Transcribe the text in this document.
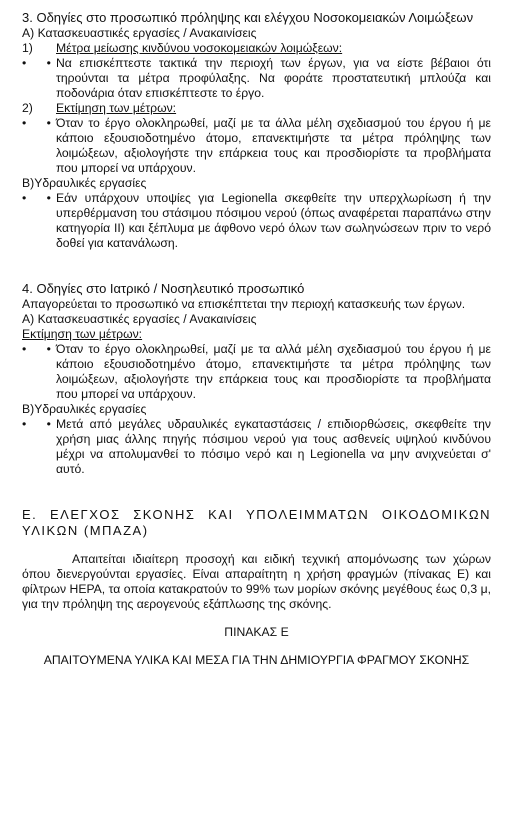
3. Οδηγίες στο προσωπικό πρόληψης και ελέγχου Νοσοκομειακών Λοιμώξεων

Α) Κατασκευαστικές εργασίες / Ανακαινίσεις

1)	Μέτρα μείωσης κινδύνου νοσοκομειακών λοιμώξεων:
•      • Να επισκέπτεστε τακτικά την περιοχή των έργων, για να είστε βέβαιοι ότι τηρούνται τα μέτρα προφύλαξης. Να φοράτε προστατευτική μπλούζα και ποδονάρια όταν επισκέπτεστε το έργο.
2)	Εκτίμηση των μέτρων:
•      • Όταν το έργο ολοκληρωθεί, μαζί με τα άλλα μέλη σχεδιασμού του έργου ή με κάποιο εξουσιοδοτημένο άτομο, επανεκτιμήστε τα μέτρα πρόληψης των λοιμώξεων, αξιολογήστε την επάρκεια τους και προσδιορίστε τα προβλήματα που μπορεί να υπάρχουν.

Β)Υδραυλικές εργασίες

•      • Εάν υπάρχουν υποψίες για Legionella σκεφθείτε την υπερχλωρίωση ή την υπερθέρμανση του στάσιμου πόσιμου νερού (όπως αναφέρεται παραπάνω στην κατηγορία ΙΙ) και ξέπλυμα με άφθονο νερό όλων των σωληνώσεων πριν το νερό δοθεί για κατανάλωση.

4. Οδηγίες στο Ιατρικό / Νοσηλευτικό προσωπικό

Απαγορεύεται το προσωπικό να επισκέπτεται την περιοχή κατασκευής των έργων.

Α) Κατασκευαστικές εργασίες / Ανακαινίσεις

Εκτίμηση των μέτρων:

•      • Όταν το έργο ολοκληρωθεί, μαζί με τα αλλά μέλη σχεδιασμού του έργου ή με κάποιο εξουσιοδοτημένο άτομο, επανεκτιμήστε τα μέτρα πρόληψης των λοιμώξεων, αξιολογήστε την επάρκεια τους και προσδιορίστε τα προβλήματα που μπορεί να υπάρχουν.

Β)Υδραυλικές εργασίες

•      • Μετά από μεγάλες υδραυλικές εγκαταστάσεις / επιδιορθώσεις, σκεφθείτε την χρήση μιας άλλης πηγής πόσιμου νερού για τους ασθενείς υψηλού κινδύνου μέχρι να απολυμανθεί το πόσιμο νερό και η Legionella να μην ανιχνεύεται σ' αυτό.

Ε. ΕΛΕΓΧΟΣ ΣΚΟΝΗΣ ΚΑΙ ΥΠΟΛΕΙΜΜΑΤΩΝ ΟΙΚΟΔΟΜΙΚΩΝ ΥΛΙΚΩΝ (ΜΠΑΖΑ)

Απαιτείται ιδιαίτερη προσοχή και ειδική τεχνική απομόνωσης των χώρων όπου διενεργούνται εργασίες. Είναι απαραίτητη η χρήση φραγμών (πίνακας Ε) και φίλτρων HEPA, τα οποία κατακρατούν το 99% των μορίων σκόνης μεγέθους έως 0,3 μ, για την πρόληψη της αερογενούς εξάπλωσης της σκόνης.

ΠΙΝΑΚΑΣ Ε

ΑΠΑΙΤΟΥΜΕΝΑ ΥΛΙΚΑ ΚΑΙ ΜΕΣΑ ΓΙΑ ΤΗΝ ΔΗΜΙΟΥΡΓΙΑ ΦΡΑΓΜΟΥ ΣΚΟΝΗΣ
